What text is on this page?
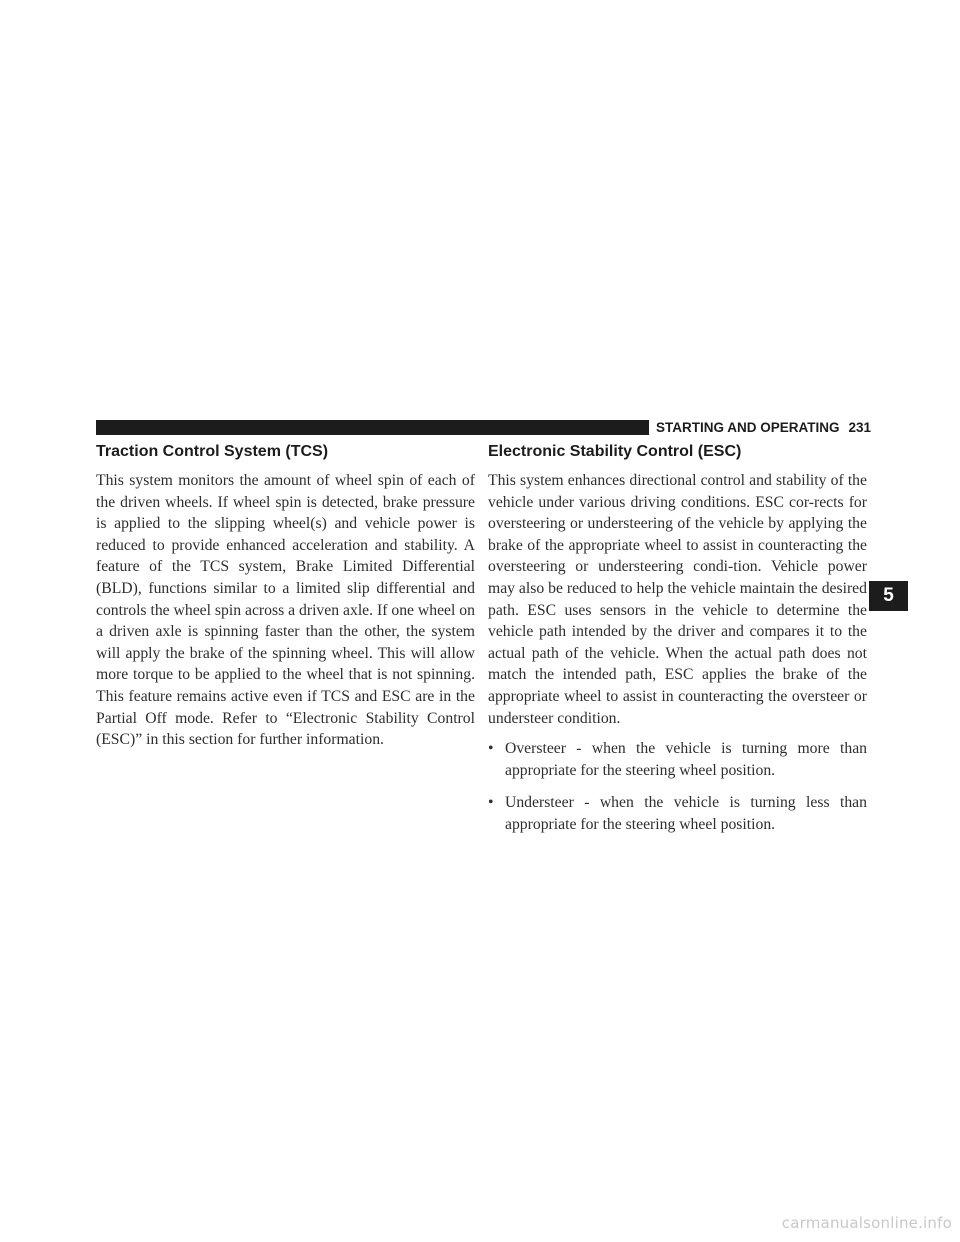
STARTING AND OPERATING 231
5
Traction Control System (TCS)

This system monitors the amount of wheel spin of each of the driven wheels. If wheel spin is detected, brake pressure is applied to the slipping wheel(s) and vehicle power is reduced to provide enhanced acceleration and stability. A feature of the TCS system, Brake Limited Differential (BLD), functions similar to a limited slip differential and controls the wheel spin across a driven axle. If one wheel on a driven axle is spinning faster than the other, the system will apply the brake of the spinning wheel. This will allow more torque to be applied to the wheel that is not spinning. This feature remains active even if TCS and ESC are in the Partial Off mode. Refer to “Electronic Stability Control (ESC)” in this section for further information.

Electronic Stability Control (ESC)

This system enhances directional control and stability of the vehicle under various driving conditions. ESC cor-rects for oversteering or understeering of the vehicle by applying the brake of the appropriate wheel to assist in counteracting the oversteering or understeering condi-tion. Vehicle power may also be reduced to help the vehicle maintain the desired path. ESC uses sensors in the vehicle to determine the vehicle path intended by the driver and compares it to the actual path of the vehicle. When the actual path does not match the intended path, ESC applies the brake of the appropriate wheel to assist in counteracting the oversteer or understeer condition.

• Oversteer - when the vehicle is turning more than appropriate for the steering wheel position.
• Understeer - when the vehicle is turning less than appropriate for the steering wheel position.
carmanualsonline.info
